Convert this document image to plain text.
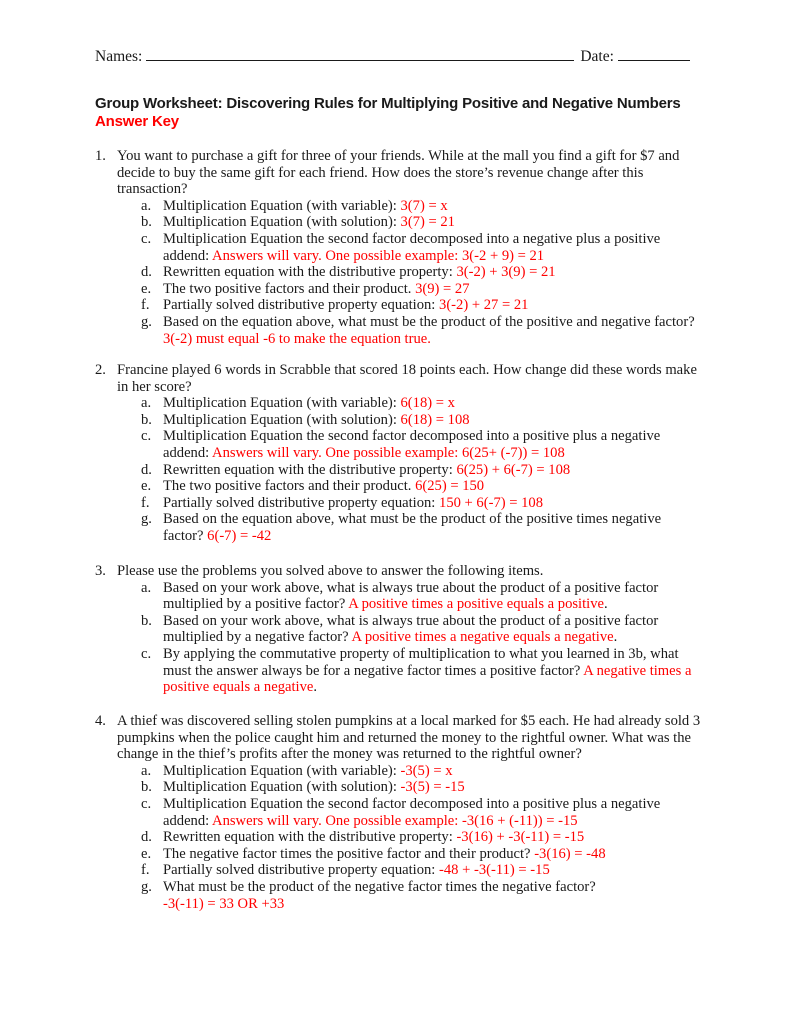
Names:	Date:
Group Worksheet: Discovering Rules for Multiplying Positive and Negative Numbers
Answer Key
1. You want to purchase a gift for three of your friends. While at the mall you find a gift for $7 and decide to buy the same gift for each friend. How does the store’s revenue change after this transaction?
a. Multiplication Equation (with variable): 3(7) = x
b. Multiplication Equation (with solution): 3(7) = 21
c. Multiplication Equation the second factor decomposed into a negative plus a positive addend: Answers will vary. One possible example: 3(-2 + 9) = 21
d. Rewritten equation with the distributive property: 3(-2) + 3(9) = 21
e. The two positive factors and their product. 3(9) = 27
f. Partially solved distributive property equation: 3(-2) + 27 = 21
g. Based on the equation above, what must be the product of the positive and negative factor? 3(-2) must equal -6 to make the equation true.
2. Francine played 6 words in Scrabble that scored 18 points each. How change did these words make in her score?
a. Multiplication Equation (with variable): 6(18) = x
b. Multiplication Equation (with solution): 6(18) = 108
c. Multiplication Equation the second factor decomposed into a positive plus a negative addend: Answers will vary. One possible example: 6(25+ (-7)) = 108
d. Rewritten equation with the distributive property: 6(25) + 6(-7) = 108
e. The two positive factors and their product. 6(25) = 150
f. Partially solved distributive property equation: 150 + 6(-7) = 108
g. Based on the equation above, what must be the product of the positive times negative factor? 6(-7) = -42
3. Please use the problems you solved above to answer the following items.
a. Based on your work above, what is always true about the product of a positive factor multiplied by a positive factor? A positive times a positive equals a positive.
b. Based on your work above, what is always true about the product of a positive factor multiplied by a negative factor? A positive times a negative equals a negative.
c. By applying the commutative property of multiplication to what you learned in 3b, what must the answer always be for a negative factor times a positive factor? A negative times a positive equals a negative.
4. A thief was discovered selling stolen pumpkins at a local marked for $5 each. He had already sold 3 pumpkins when the police caught him and returned the money to the rightful owner. What was the change in the thief’s profits after the money was returned to the rightful owner?
a. Multiplication Equation (with variable): -3(5) = x
b. Multiplication Equation (with solution): -3(5) = -15
c. Multiplication Equation the second factor decomposed into a positive plus a negative addend: Answers will vary. One possible example: -3(16 + (-11)) = -15
d. Rewritten equation with the distributive property: -3(16) + -3(-11) = -15
e. The negative factor times the positive factor and their product? -3(16) = -48
f. Partially solved distributive property equation: -48 + -3(-11) = -15
g. What must be the product of the negative factor times the negative factor?
-3(-11) = 33 OR +33
